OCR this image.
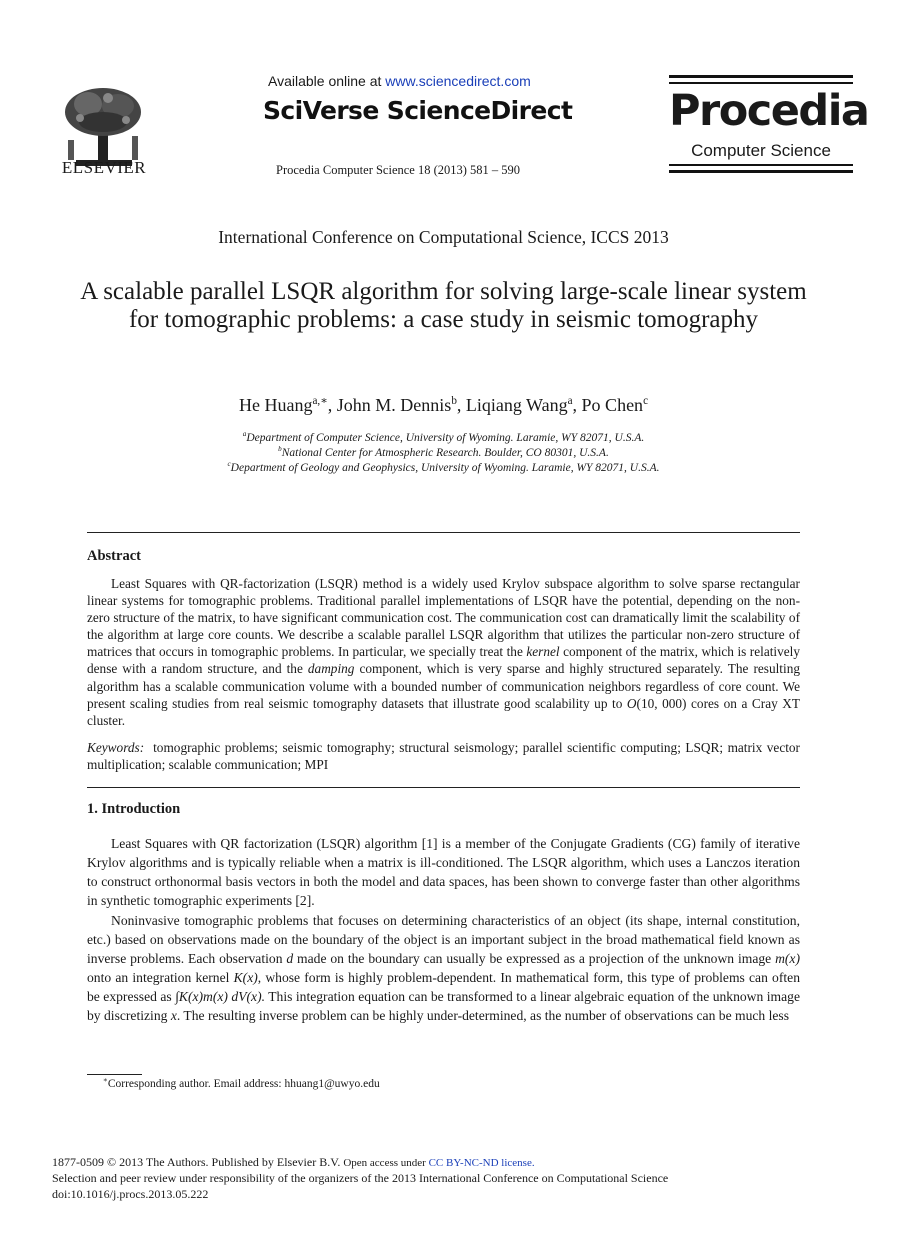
ELSEVIER
Available online at www.sciencedirect.com
SciVerse ScienceDirect
Procedia Computer Science 18 (2013) 581 – 590
Procedia
Computer Science
International Conference on Computational Science, ICCS 2013
A scalable parallel LSQR algorithm for solving large-scale linear system for tomographic problems: a case study in seismic tomography
He Huang$^{a,∗}$, John M. Dennis$^b$, Liqiang Wang$^a$, Po Chen$^c$
$^a$Department of Computer Science, University of Wyoming. Laramie, WY 82071, U.S.A.
$^b$National Center for Atmospheric Research. Boulder, CO 80301, U.S.A.
$^c$Department of Geology and Geophysics, University of Wyoming. Laramie, WY 82071, U.S.A.
Abstract
Least Squares with QR-factorization (LSQR) method is a widely used Krylov subspace algorithm to solve sparse rectangular linear systems for tomographic problems. Traditional parallel implementations of LSQR have the potential, depending on the non-zero structure of the matrix, to have significant communication cost. The communication cost can dramatically limit the scalability of the algorithm at large core counts. We describe a scalable parallel LSQR algorithm that utilizes the particular non-zero structure of matrices that occurs in tomographic problems. In particular, we specially treat the kernel component of the matrix, which is relatively dense with a random structure, and the damping component, which is very sparse and highly structured separately. The resulting algorithm has a scalable communication volume with a bounded number of communication neighbors regardless of core count. We present scaling studies from real seismic tomography datasets that illustrate good scalability up to O(10, 000) cores on a Cray XT cluster.
Keywords: tomographic problems; seismic tomography; structural seismology; parallel scientific computing; LSQR; matrix vector multiplication; scalable communication; MPI
1. Introduction
Least Squares with QR factorization (LSQR) algorithm [1] is a member of the Conjugate Gradients (CG) family of iterative Krylov algorithms and is typically reliable when a matrix is ill-conditioned. The LSQR algorithm, which uses a Lanczos iteration to construct orthonormal basis vectors in both the model and data spaces, has been shown to converge faster than other algorithms in synthetic tomographic experiments [2].
Noninvasive tomographic problems that focuses on determining characteristics of an object (its shape, internal constitution, etc.) based on observations made on the boundary of the object is an important subject in the broad mathematical field known as inverse problems. Each observation d made on the boundary can usually be expressed as a projection of the unknown image m(x) onto an integration kernel K(x), whose form is highly problem-dependent. In mathematical form, this type of problems can often be expressed as ∫K(x)m(x) dV(x). This integration equation can be transformed to a linear algebraic equation of the unknown image by discretizing x. The resulting inverse problem can be highly under-determined, as the number of observations can be much less
∗Corresponding author. Email address: hhuang1@uwyo.edu
1877-0509 © 2013 The Authors. Published by Elsevier B.V. Open access under CC BY-NC-ND license.
Selection and peer review under responsibility of the organizers of the 2013 International Conference on Computational Science
doi:10.1016/j.procs.2013.05.222
